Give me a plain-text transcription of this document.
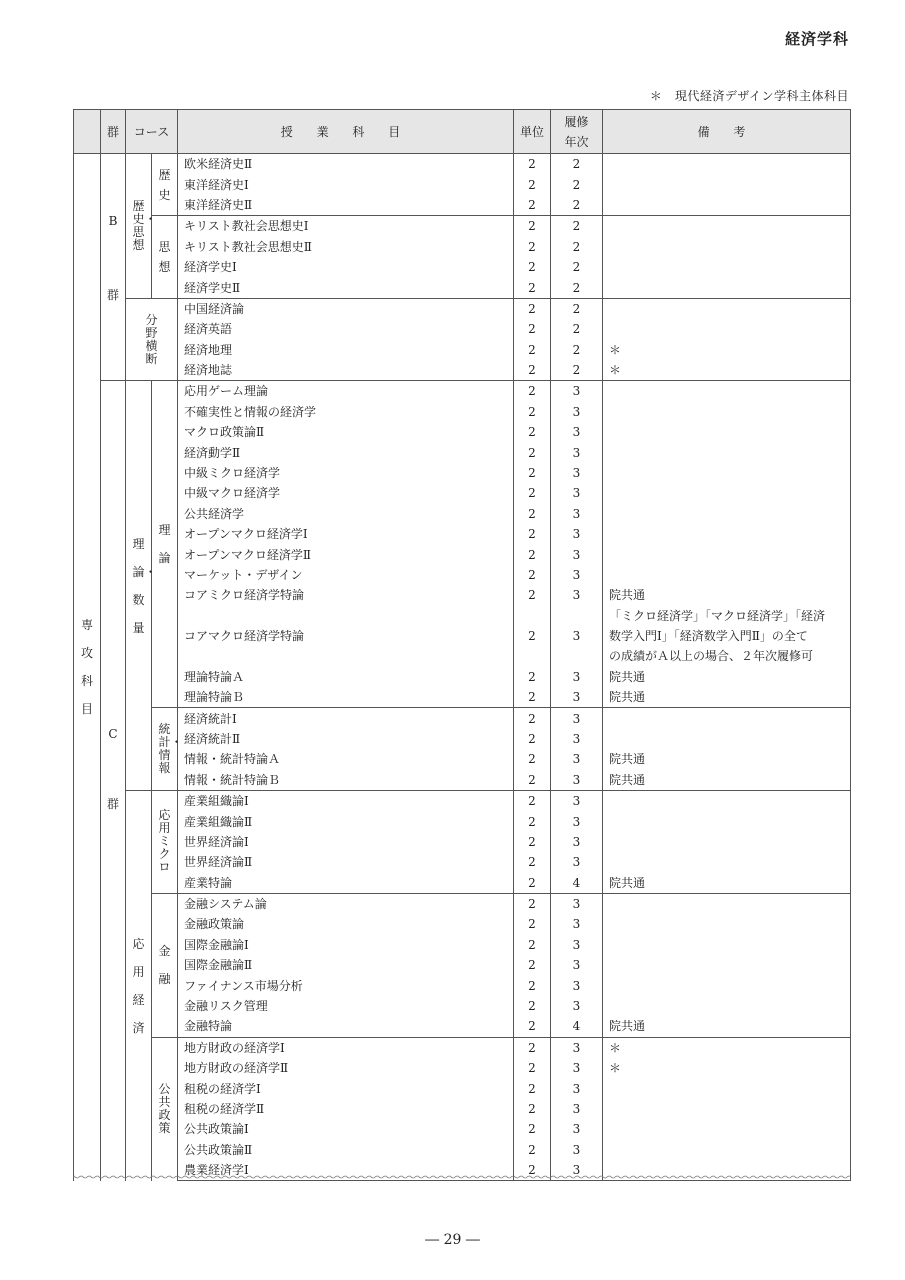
経済学科
＊　現代経済デザイン学科主体科目
	群	コース		授 業 科 目	単位	履修年次	備 考
専攻科目	B
群	歴史・思想	歴史	欧米経済史Ⅱ	2	2	
				東洋経済史Ⅰ	2	2	
				東洋経済史Ⅱ	2	2	
			思想	キリスト教社会思想史Ⅰ	2	2	
				キリスト教社会思想史Ⅱ	2	2	
				経済学史Ⅰ	2	2	
				経済学史Ⅱ	2	2	
		分野横断		中国経済論	2	2	
				経済英語	2	2	
				経済地理	2	2	＊
				経済地誌	2	2	＊

	C
群	理論・数量	理論	応用ゲーム理論	2	3	
				不確実性と情報の経済学	2	3	
				マクロ政策論Ⅱ	2	3	
				経済動学Ⅱ	2	3	
				中級ミクロ経済学	2	3	
				中級マクロ経済学	2	3	
				公共経済学	2	3	
				オープンマクロ経済学Ⅰ	2	3	
				オープンマクロ経済学Ⅱ	2	3	
				マーケット・デザイン	2	3	
				コアミクロ経済学特論	2	3	院共通
				コアマクロ経済学特論	2	3	「ミクロ経済学」「マクロ経済学」「経済
数学入門Ⅰ」「経済数学入門Ⅱ」の全て
の成績がＡ以上の場合、２年次履修可
				理論特論Ａ	2	3	院共通
				理論特論Ｂ	2	3	院共通
			統計・情報	経済統計Ⅰ	2	3	
				経済統計Ⅱ	2	3	
				情報・統計特論Ａ	2	3	院共通
				情報・統計特論Ｂ	2	3	院共通
		応用経済	応用ミクロ	産業組織論Ⅰ	2	3	
				産業組織論Ⅱ	2	3	
				世界経済論Ⅰ	2	3	
				世界経済論Ⅱ	2	3	
				産業特論	2	4	院共通
			金融	金融システム論	2	3	
				金融政策論	2	3	
				国際金融論Ⅰ	2	3	
				国際金融論Ⅱ	2	3	
				ファイナンス市場分析	2	3	
				金融リスク管理	2	3	
				金融特論	2	4	院共通
			公共政策	地方財政の経済学Ⅰ	2	3	＊
				地方財政の経済学Ⅱ	2	3	＊
				租税の経済学Ⅰ	2	3	
				租税の経済学Ⅱ	2	3	
				公共政策論Ⅰ	2	3	
				公共政策論Ⅱ	2	3	
				農業経済学Ⅰ	2	3	
― 29 ―
